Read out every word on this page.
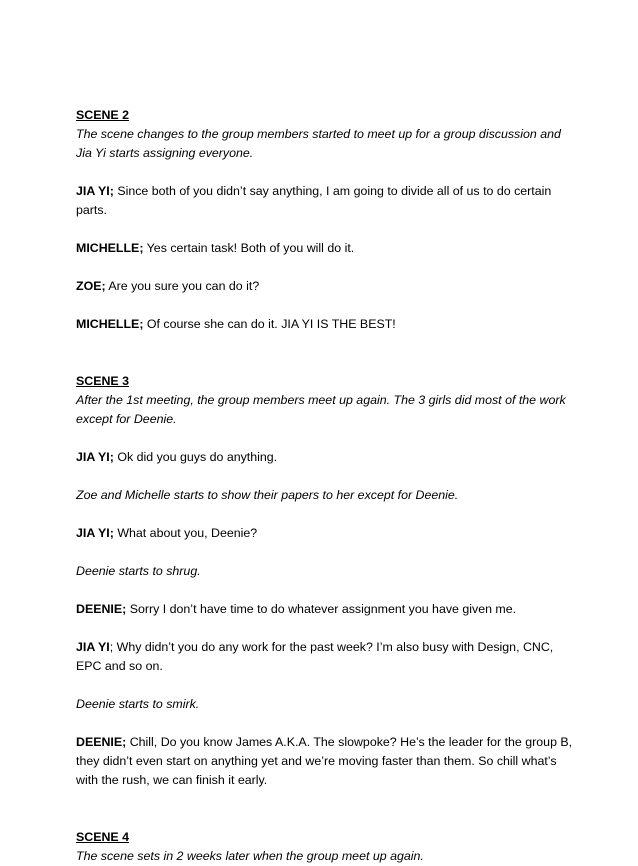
SCENE 2

The scene changes to the group members started to meet up for a group discussion and Jia Yi starts assigning everyone.

JIA YI; Since both of you didn’t say anything, I am going to divide all of us to do certain parts.

MICHELLE; Yes certain task! Both of you will do it.

ZOE; Are you sure you can do it?

MICHELLE; Of course she can do it. JIA YI IS THE BEST!

SCENE 3

After the 1st meeting, the group members meet up again. The 3 girls did most of the work except for Deenie.

JIA YI; Ok did you guys do anything.

Zoe and Michelle starts to show their papers to her except for Deenie.

JIA YI; What about you, Deenie?

Deenie starts to shrug.

DEENIE; Sorry I don’t have time to do whatever assignment you have given me.

JIA YI; Why didn’t you do any work for the past week? I’m also busy with Design, CNC, EPC and so on.

Deenie starts to smirk.

DEENIE; Chill, Do you know James A.K.A. The slowpoke? He’s the leader for the group B, they didn’t even start on anything yet and we’re moving faster than them. So chill what’s with the rush, we can finish it early.

SCENE 4

The scene sets in 2 weeks later when the group meet up again.
